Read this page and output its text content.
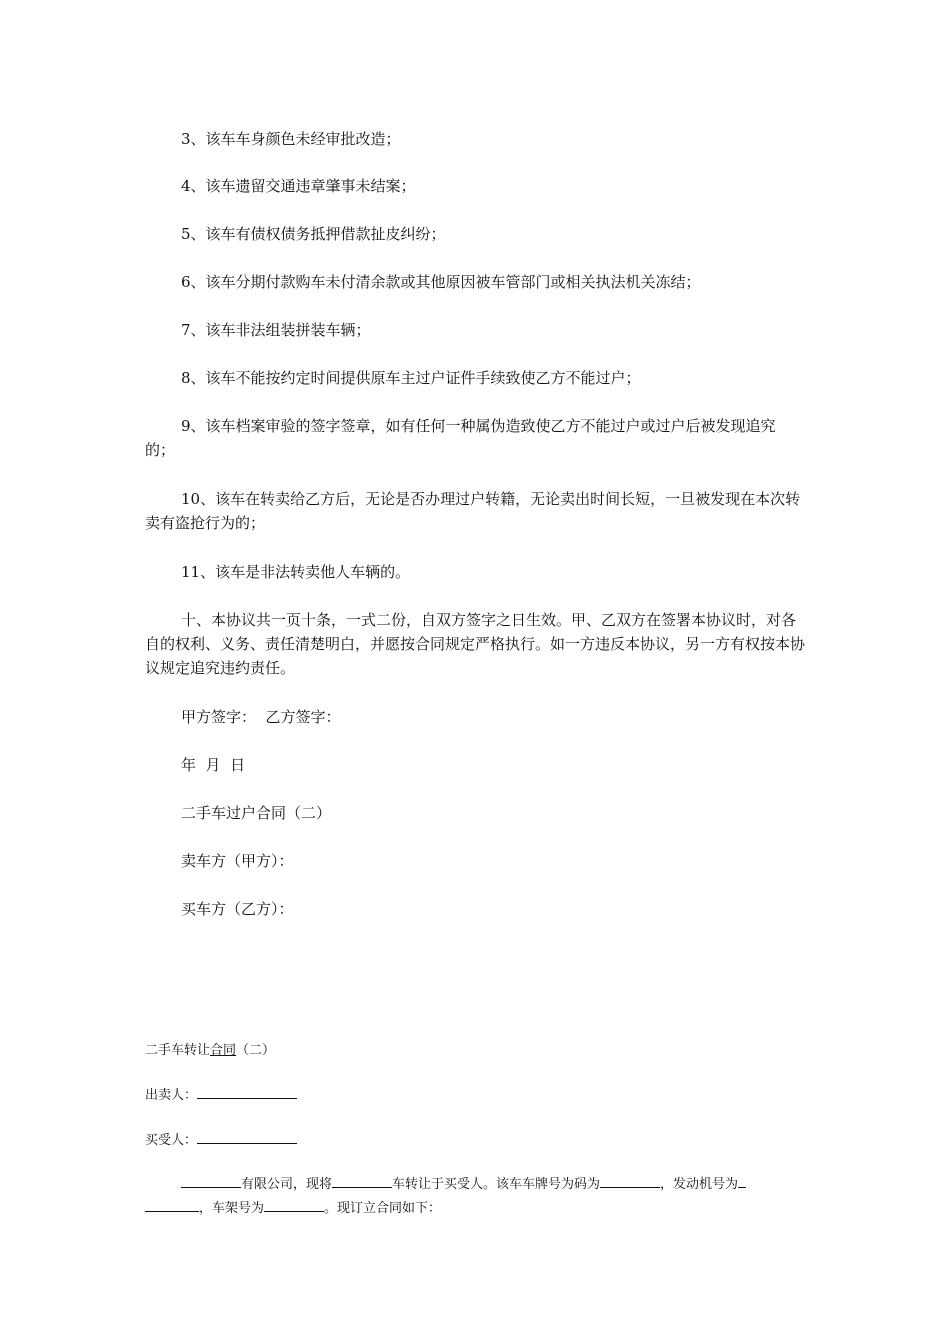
3、该车车身颜色未经审批改造；

4、该车遗留交通违章肇事未结案；

5、该车有债权债务抵押借款扯皮纠纷；

6、该车分期付款购车未付清余款或其他原因被车管部门或相关执法机关冻结；

7、该车非法组装拼装车辆；

8、该车不能按约定时间提供原车主过户证件手续致使乙方不能过户；

9、该车档案审验的签字签章，如有任何一种属伪造致使乙方不能过户或过户后被发现追究的；

10、该车在转卖给乙方后，无论是否办理过户转籍，无论卖出时间长短，一旦被发现在本次转卖有盗抢行为的；

11、该车是非法转卖他人车辆的。

十、本协议共一页十条，一式二份，自双方签字之日生效。甲、乙双方在签署本协议时，对各自的权利、义务、责任清楚明白，并愿按合同规定严格执行。如一方违反本协议，另一方有权按本协议规定追究违约责任。

甲方签字：  乙方签字：

年  月  日

二手车过户合同（二）

卖车方（甲方）：

买车方（乙方）：

二手车转让合同（二）

出卖人：

买受人：

有限公司，现将	车转让于买受人。该车车牌号为码为	，发动机号为

，车架号为	。现订立合同如下：
